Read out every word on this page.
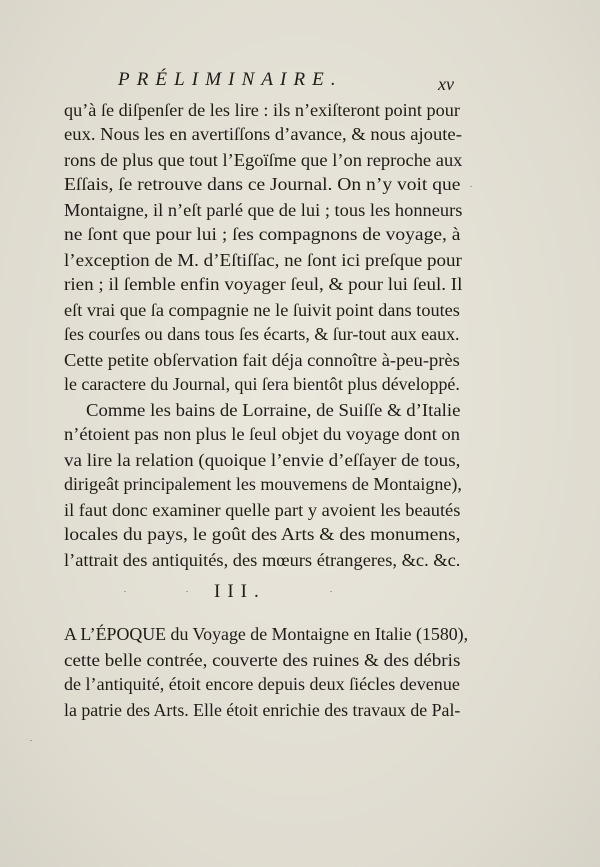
PRÉLIMINAIRE.	xv
qu’à ſe diſpenſer de les lire : ils n’exiſteront point pour
eux. Nous les en avertiſſons d’avance, & nous ajoute-
rons de plus que tout l’Egoïſme que l’on reproche aux
Eſſais, ſe retrouve dans ce Journal. On n’y voit que
Montaigne, il n’eſt parlé que de lui ; tous les honneurs
ne ſont que pour lui ; ſes compagnons de voyage, à
l’exception de M. d’Eſtiſſac, ne ſont ici preſque pour
rien ; il ſemble enfin voyager ſeul, & pour lui ſeul. Il
eſt vrai que ſa compagnie ne le ſuivit point dans toutes
ſes courſes ou dans tous ſes écarts, & ſur-tout aux eaux.
Cette petite obſervation fait déja connoître à-peu-près
le caractere du Journal, qui ſera bientôt plus développé.
Comme les bains de Lorraine, de Suiſſe & d’Italie
n’étoient pas non plus le ſeul objet du voyage dont on
va lire la relation (quoique l’envie d’eſſayer de tous,
dirigeât principalement les mouvemens de Montaigne),
il faut donc examiner quelle part y avoient les beautés
locales du pays, le goût des Arts & des monumens,
l’attrait des antiquités, des mœurs étrangeres, &c. &c.
III.
A L’ÉPOQUE du Voyage de Montaigne en Italie (1580),
cette belle contrée, couverte des ruines & des débris
de l’antiquité, étoit encore depuis deux ſiécles devenue
la patrie des Arts. Elle étoit enrichie des travaux de Pal-
